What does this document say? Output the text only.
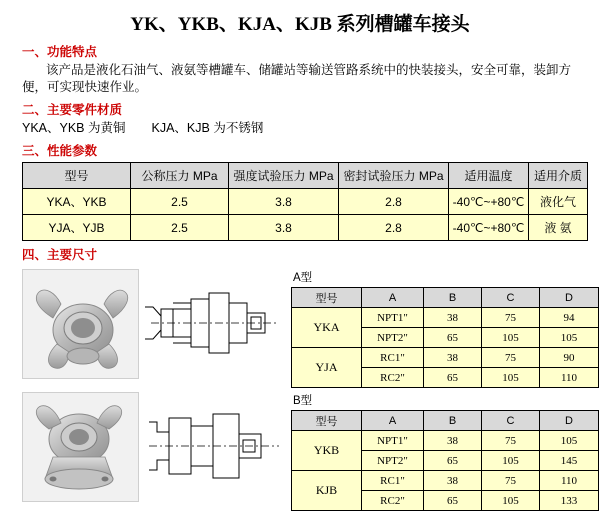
YK、YKB、KJA、KJB 系列槽罐车接头
一、功能特点
该产品是液化石油气、液氨等槽罐车、储罐站等输送管路系统中的快装接头，安全可靠，装卸方便，可实现快速作业。
二、主要零件材质
YKA、YKB 为黄铜 KJA、KJB 为不锈钢
三、性能参数
型号	公称压力 MPa	强度试验压力 MPa	密封试验压力 MPa	适用温度	适用介质
YKA、YKB	2.5	3.8	2.8	-40℃~+80℃	液化气
YJA、YJB	2.5	3.8	2.8	-40℃~+80℃	液 氨
四、主要尺寸
A型
型号	A	B	C	D
YKA	NPT1"	38	75	94
	NPT2"	65	105	105
YJA	RC1"	38	75	90
	RC2"	65	105	110
B型
型号	A	B	C	D
YKB	NPT1"	38	75	105
	NPT2"	65	105	145
KJB	RC1"	38	75	110
	RC2"	65	105	133
